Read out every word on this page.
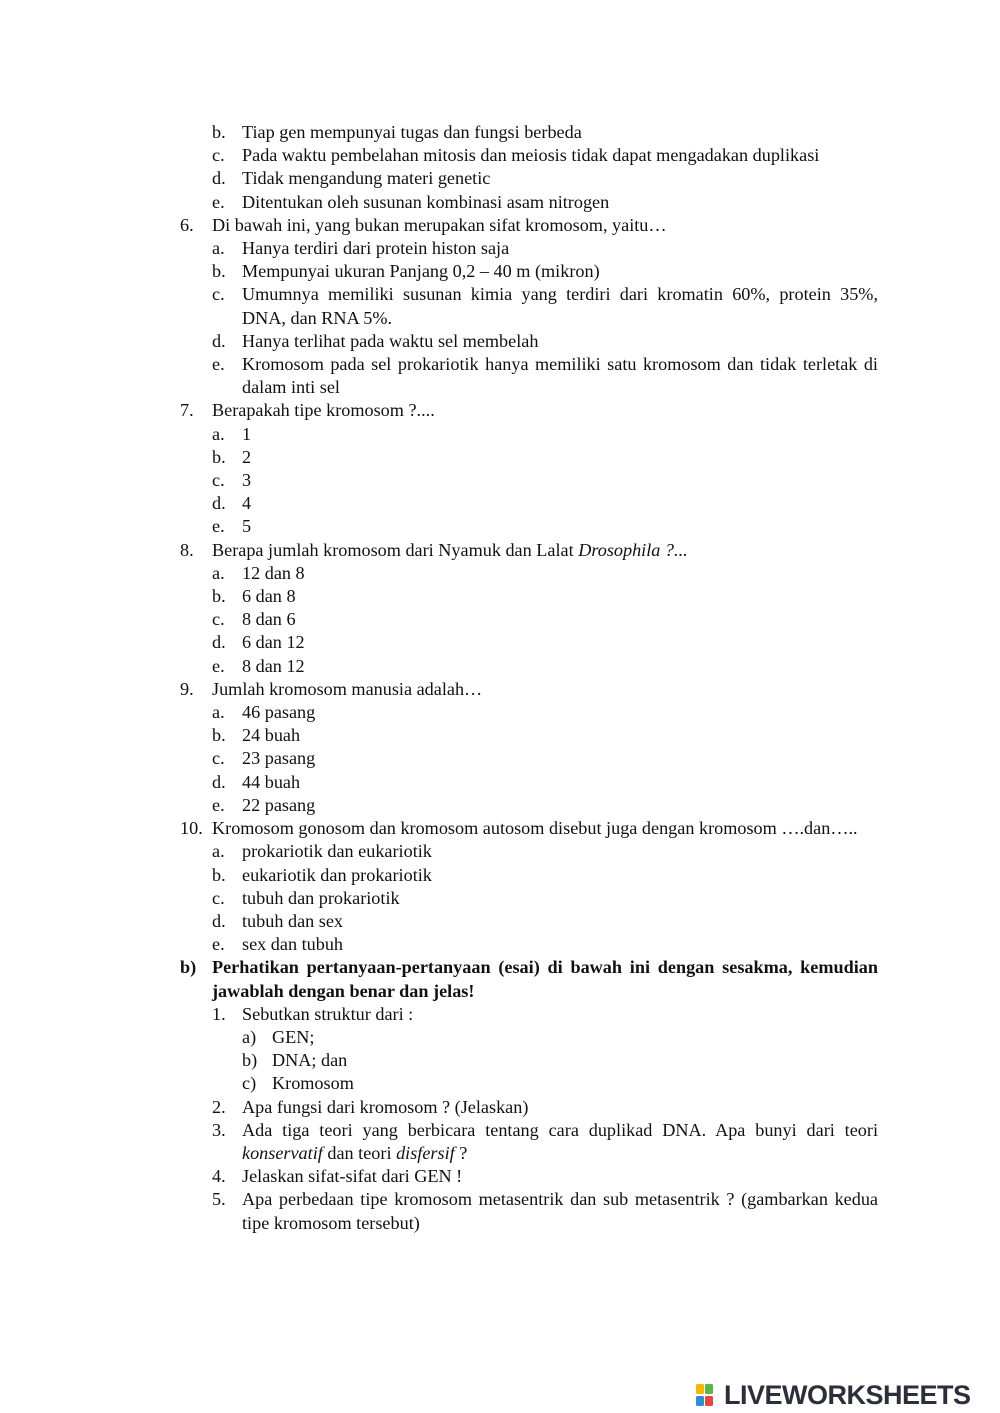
b. Tiap gen mempunyai tugas dan fungsi berbeda
c. Pada waktu pembelahan mitosis dan meiosis tidak dapat mengadakan duplikasi
d. Tidak mengandung materi genetic
e. Ditentukan oleh susunan kombinasi asam nitrogen
6.	Di bawah ini, yang bukan merupakan sifat kromosom, yaitu…
a. Hanya terdiri dari protein histon saja
b. Mempunyai ukuran Panjang 0,2 – 40 m (mikron)
c. Umumnya memiliki susunan kimia yang terdiri dari kromatin 60%, protein 35%, DNA, dan RNA 5%.
d. Hanya terlihat pada waktu sel membelah
e. Kromosom pada sel prokariotik hanya memiliki satu kromosom dan tidak terletak di dalam inti sel
7.	Berapakah tipe kromosom ?....
a. 1
b. 2
c. 3
d. 4
e. 5
8.	Berapa jumlah kromosom dari Nyamuk dan Lalat Drosophila ?...
a. 12 dan 8
b. 6 dan 8
c. 8 dan 6
d. 6 dan 12
e. 8 dan 12
9.	Jumlah kromosom manusia adalah…
a. 46 pasang
b. 24 buah
c. 23 pasang
d. 44 buah
e. 22 pasang
10. Kromosom gonosom dan kromosom autosom disebut juga dengan kromosom ….dan…..
a. prokariotik dan eukariotik
b. eukariotik dan prokariotik
c. tubuh dan prokariotik
d. tubuh dan sex
e. sex dan tubuh
b) Perhatikan pertanyaan-pertanyaan (esai) di bawah ini dengan sesakma, kemudian jawablah dengan benar dan jelas!
1. Sebutkan struktur dari :
a) GEN;
b) DNA; dan
c) Kromosom
2. Apa fungsi dari kromosom ? (Jelaskan)
3. Ada tiga teori yang berbicara tentang cara duplikad DNA. Apa bunyi dari teori konservatif dan teori disfersif ?
4. Jelaskan sifat-sifat dari GEN !
5. Apa perbedaan tipe kromosom metasentrik dan sub metasentrik ? (gambarkan kedua tipe kromosom tersebut)
LIVEWORKSHEETS
